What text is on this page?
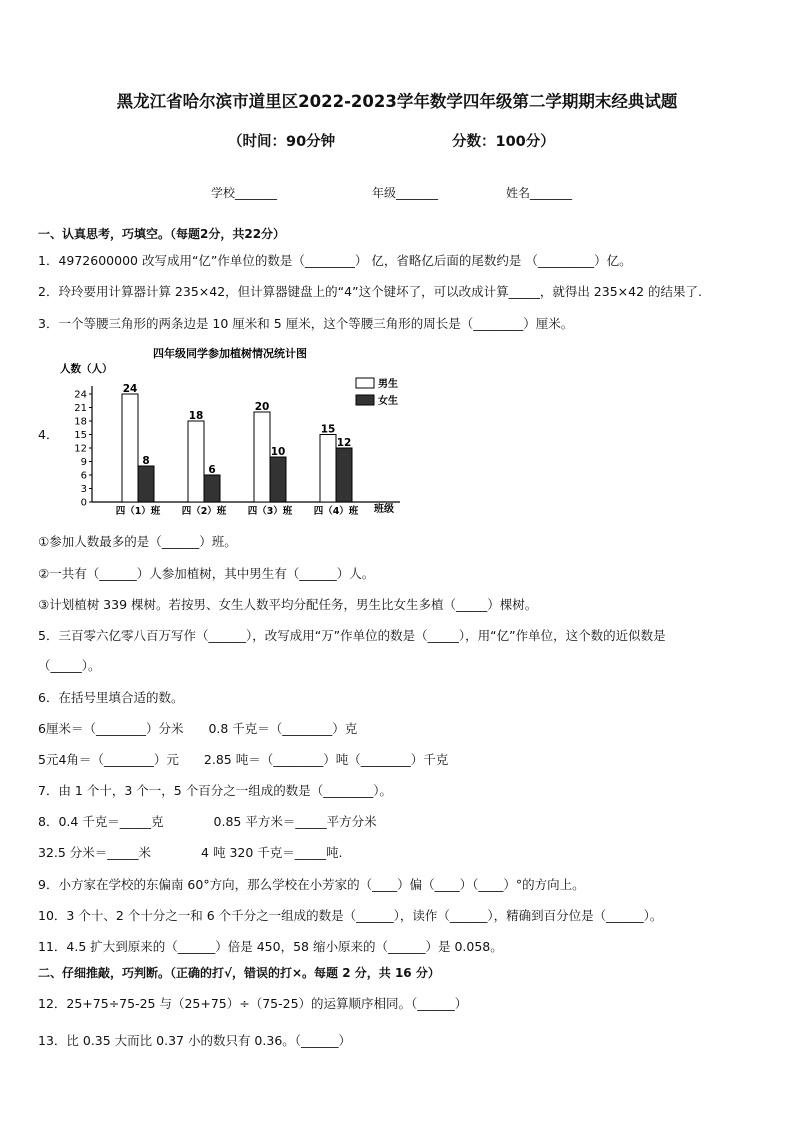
黑龙江省哈尔滨市道里区2022-2023学年数学四年级第二学期期末经典试题
（时间：90分钟	分数：100分）
学校_______	年级_______	姓名_______
一、认真思考，巧填空。（每题2分，共22分）
1．4972600000 改写成用“亿”作单位的数是（________） 亿，省略亿后面的尾数约是 （_________）亿。
2．玲玲要用计算器计算 235×42，但计算器键盘上的“4”这个键坏了，可以改成计算_____，就得出 235×42 的结果了.
3．一个等腰三角形的两条边是 10 厘米和 5 厘米，这个等腰三角形的周长是（________）厘米。
4．
四年级同学参加植树情况统计图
人数（人）
班级
0
3
6
9
12
15
18
21
24	24
8
四（1）班
18
6
四（2）班
20
10
四（3）班
15
12
四（4）班
男生
女生
①参加人数最多的是（______）班。
②一共有（______）人参加植树，其中男生有（______）人。
③计划植树 339 棵树。若按男、女生人数平均分配任务，男生比女生多植（_____）棵树。
5．三百零六亿零八百万写作（______），改写成用“万”作单位的数是（_____），用“亿”作单位，这个数的近似数是
（_____）。
6．在括号里填合适的数。
6厘米＝（________）分米　　0.8 千克＝（________）克
5元4角＝（________）元　　2.85 吨＝（________）吨（________）千克
7．由 1 个十，3 个一，5 个百分之一组成的数是（________）。
8．0.4 千克＝_____克　　　　0.85 平方米＝_____平方分米
32.5 分米＝_____米　　　　4 吨 320 千克＝_____吨.
9．小方家在学校的东偏南 60°方向，那么学校在小芳家的（____）偏（____）（____）°的方向上。
10．3 个十、2 个十分之一和 6 个千分之一组成的数是（______），读作（______），精确到百分位是（______）。
11．4.5 扩大到原来的（______）倍是 450，58 缩小原来的（______）是 0.058。
二、仔细推敲，巧判断。（正确的打√，错误的打×。每题 2 分，共 16 分）
12．25+75÷75-25 与（25+75）÷（75-25）的运算顺序相同。（______）
13．比 0.35 大而比 0.37 小的数只有 0.36。（______）
